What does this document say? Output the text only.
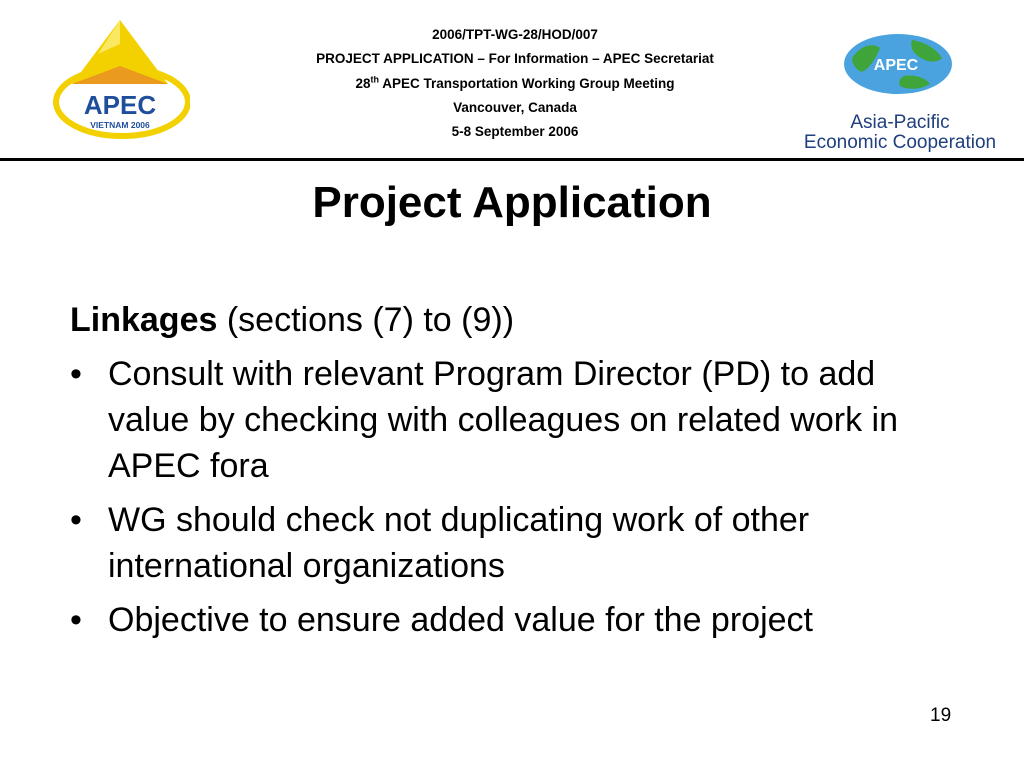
APEC
VIETNAM 2006
2006/TPT-WG-28/HOD/007
PROJECT APPLICATION – For Information – APEC Secretariat
28th APEC Transportation Working Group Meeting
Vancouver, Canada
5-8 September 2006
APEC
Asia-Pacific
Economic Cooperation
Project Application
Linkages (sections (7) to (9))
• Consult with relevant Program Director (PD) to add value by checking with colleagues on related work in APEC fora
• WG should check not duplicating work of other international organizations
• Objective to ensure added value for the project
19
